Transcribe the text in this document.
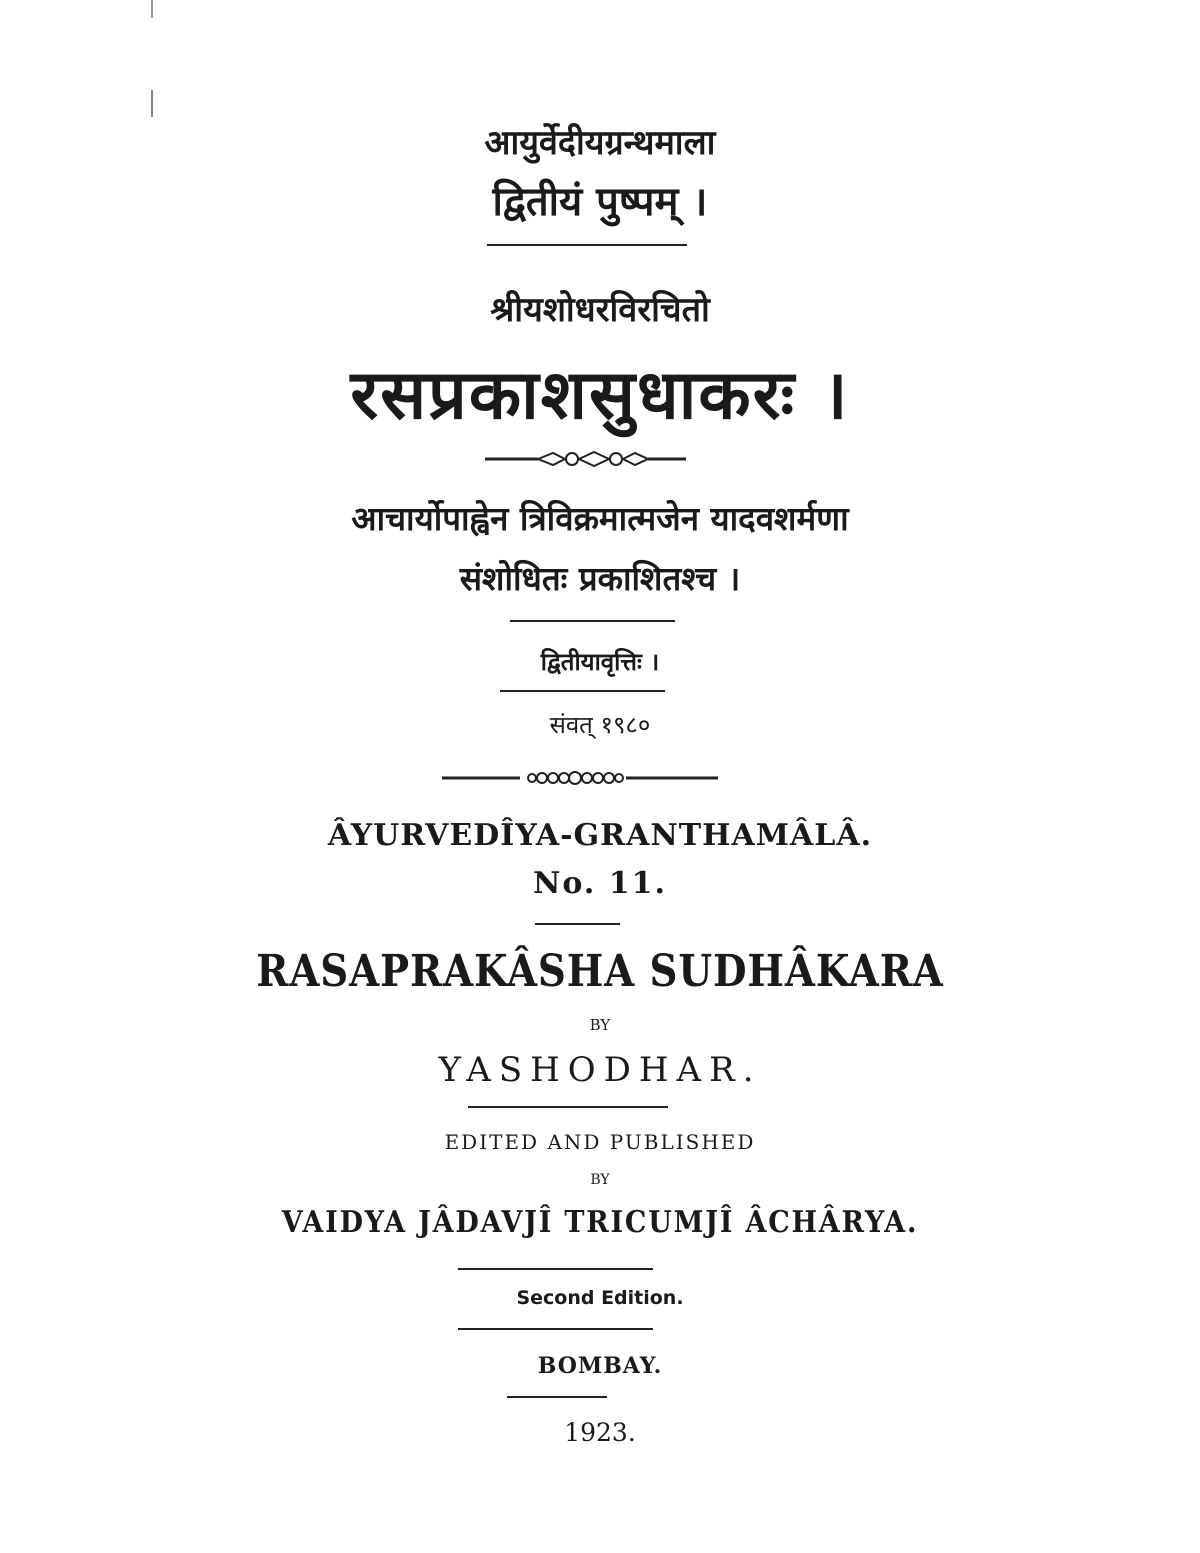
आयुर्वेदीयग्रन्थमाला
द्वितीयं पुष्पम् ।
श्रीयशोधरविरचितो
रसप्रकाशसुधाकरः ।
आचार्योपाह्वेन त्रिविक्रमात्मजेन यादवशर्मणा
संशोधितः प्रकाशितश्च ।
द्वितीयावृत्तिः ।
संवत् १९८०
ÂYURVEDÎYA-GRANTHAMÂLÂ.
No. 11.
RASAPRAKÂSHA SUDHÂKARA
BY
YASHODHAR.
EDITED AND PUBLISHED
BY
VAIDYA JÂDAVJÎ TRICUMJÎ ÂCHÂRYA.
Second Edition.
BOMBAY.
1923.
